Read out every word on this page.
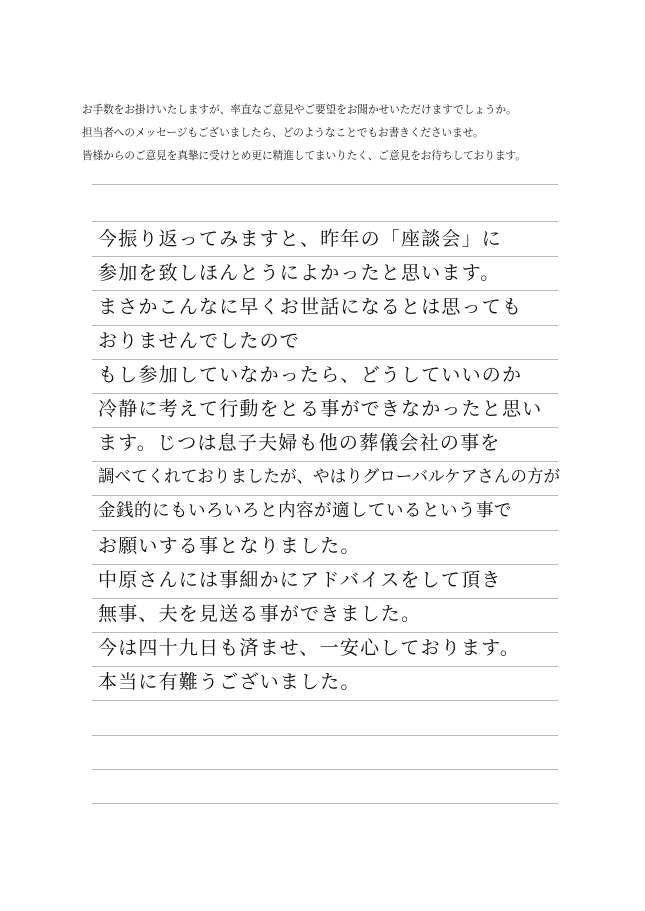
お手数をお掛けいたしますが、率直なご意見やご要望をお聞かせいただけますでしょうか。
担当者へのメッセージもございましたら、どのようなことでもお書きくださいませ。
皆様からのご意見を真摯に受けとめ更に精進してまいりたく、ご意見をお待ちしております。
今振り返ってみますと、昨年の「座談会」に
参加を致しほんとうによかったと思います。
まさかこんなに早くお世話になるとは思っても
おりませんでしたので
もし参加していなかったら、どうしていいのか
冷静に考えて行動をとる事ができなかったと思い
ます。じつは息子夫婦も他の葬儀会社の事を
調べてくれておりましたが、やはりグローバルケアさんの方が
金銭的にもいろいろと内容が適しているという事で
お願いする事となりました。
中原さんには事細かにアドバイスをして頂き
無事、夫を見送る事ができました。
今は四十九日も済ませ、一安心しております。
本当に有難うございました。
